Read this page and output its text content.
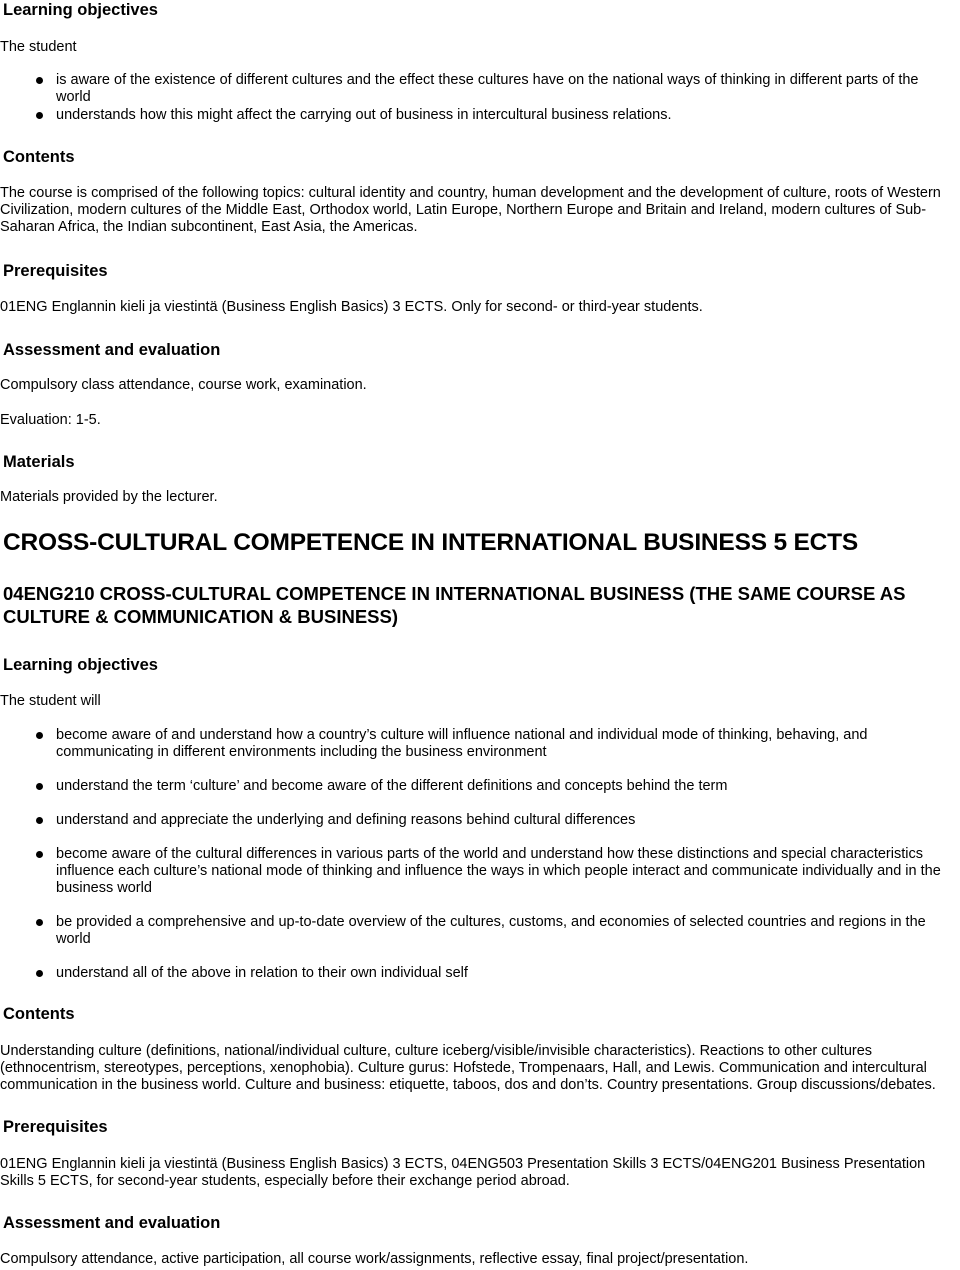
Learning objectives

The student

is aware of the existence of different cultures and the effect these cultures have on the national ways of thinking in different parts of the world
understands how this might affect the carrying out of business in intercultural business relations.
Contents

The course is comprised of the following topics: cultural identity and country, human development and the development of culture, roots of Western Civilization, modern cultures of the Middle East, Orthodox world, Latin Europe, Northern Europe and Britain and Ireland, modern cultures of Sub-Saharan Africa, the Indian subcontinent, East Asia, the Americas.

Prerequisites

01ENG Englannin kieli ja viestintä (Business English Basics) 3 ECTS. Only for second- or third-year students.

Assessment and evaluation

Compulsory class attendance, course work, examination.

Evaluation: 1-5.

Materials

Materials provided by the lecturer.

CROSS-CULTURAL COMPETENCE IN INTERNATIONAL BUSINESS 5 ECTS
04ENG210 CROSS-CULTURAL COMPETENCE IN INTERNATIONAL BUSINESS (THE SAME COURSE AS CULTURE & COMMUNICATION & BUSINESS)
Learning objectives

The student will

become aware of and understand how a country’s culture will influence national and individual mode of thinking, behaving, and communicating in different environments including the business environment
understand the term ‘culture’ and become aware of the different definitions and concepts behind the term
understand and appreciate the underlying and defining reasons behind cultural differences
become aware of the cultural differences in various parts of the world and understand how these distinctions and special characteristics influence each culture’s national mode of thinking and influence the ways in which people interact and communicate individually and in the business world
be provided a comprehensive and up-to-date overview of the cultures, customs, and economies of selected countries and regions in the world
understand all of the above in relation to their own individual self
Contents

Understanding culture (definitions, national/individual culture, culture iceberg/visible/invisible characteristics). Reactions to other cultures (ethnocentrism, stereotypes, perceptions, xenophobia). Culture gurus: Hofstede, Trompenaars, Hall, and Lewis. Communication and intercultural communication in the business world. Culture and business: etiquette, taboos, dos and don’ts. Country presentations. Group discussions/debates.

Prerequisites

01ENG Englannin kieli ja viestintä (Business English Basics) 3 ECTS, 04ENG503 Presentation Skills 3 ECTS/04ENG201 Business Presentation Skills 5 ECTS, for second-year students, especially before their exchange period abroad.

Assessment and evaluation

Compulsory attendance, active participation, all course work/assignments, reflective essay, final project/presentation.
